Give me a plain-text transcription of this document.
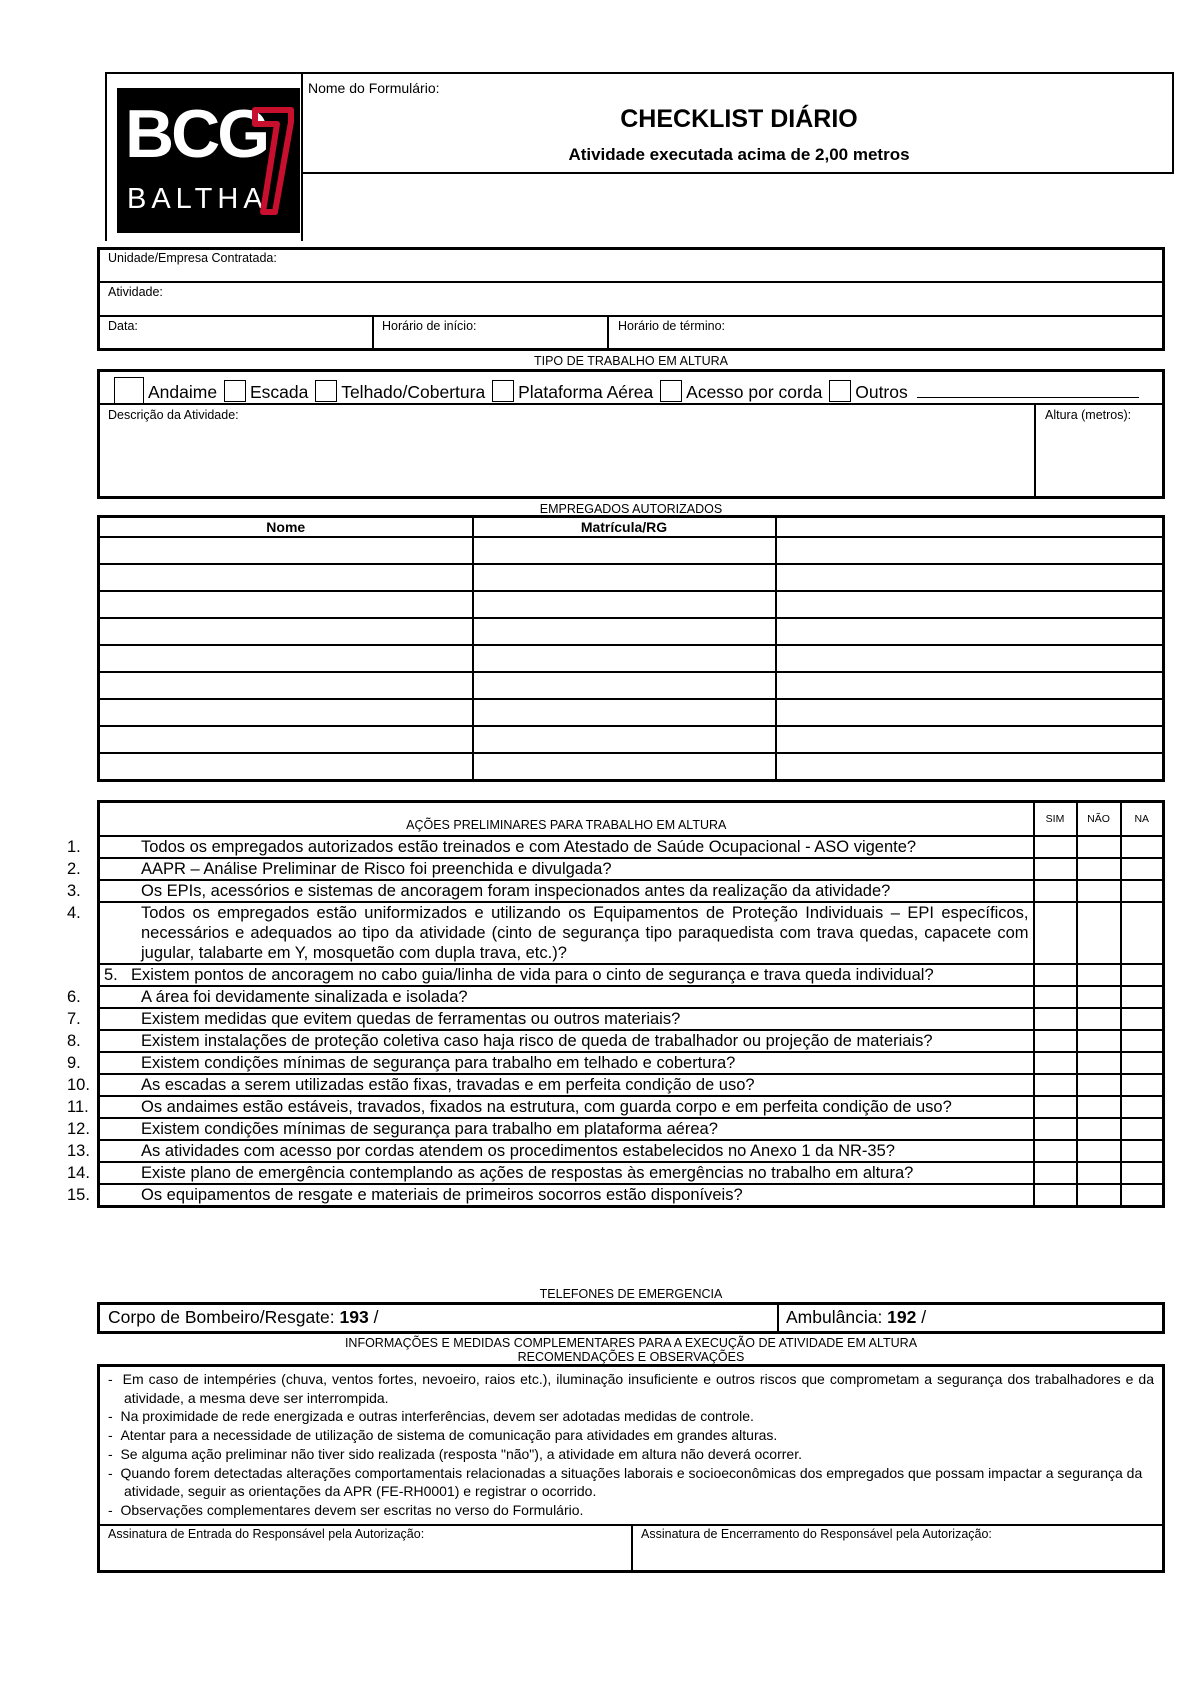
BCG
BALTHA
Nome do Formulário:
CHECKLIST DIÁRIO
Atividade executada acima de 2,00 metros
Unidade/Empresa Contratada:
Atividade:
Data:	Horário de início:	Horário de término:
TIPO DE TRABALHO EM ALTURA
Andaime Escada Telhado/Cobertura Plataforma Aérea Acesso por corda Outros
Descrição da Atividade:	Altura (metros):
EMPREGADOS AUTORIZADOS
Nome	Matrícula/RG	

AÇÕES PRELIMINARES PARA TRABALHO EM ALTURA	SIM	NÃO	NA
1. Todos os empregados autorizados estão treinados e com Atestado de Saúde Ocupacional - ASO vigente?			
2. AAPR – Análise Preliminar de Risco foi preenchida e divulgada?			
3. Os EPIs, acessórios e sistemas de ancoragem foram inspecionados antes da realização da atividade?			
4. Todos os empregados estão uniformizados e utilizando os Equipamentos de Proteção Individuais – EPI específicos, necessários e adequados ao tipo da atividade (cinto de segurança tipo paraquedista com trava quedas, capacete com jugular, talabarte em Y, mosquetão com dupla trava, etc.)?			
5. Existem pontos de ancoragem no cabo guia/linha de vida para o cinto de segurança e trava queda individual?			
6. A área foi devidamente sinalizada e isolada?			
7. Existem medidas que evitem quedas de ferramentas ou outros materiais?			
8. Existem instalações de proteção coletiva caso haja risco de queda de trabalhador ou projeção de materiais?			
9. Existem condições mínimas de segurança para trabalho em telhado e cobertura?			
10. As escadas a serem utilizadas estão fixas, travadas e em perfeita condição de uso?			
11. Os andaimes estão estáveis, travados, fixados na estrutura, com guarda corpo e em perfeita condição de uso?			
12. Existem condições mínimas de segurança para trabalho em plataforma aérea?			
13. As atividades com acesso por cordas atendem os procedimentos estabelecidos no Anexo 1 da NR-35?			
14. Existe plano de emergência contemplando as ações de respostas às emergências no trabalho em altura?			
15. Os equipamentos de resgate e materiais de primeiros socorros estão disponíveis?			
TELEFONES DE EMERGENCIA
Corpo de Bombeiro/Resgate: 193 /	Ambulância: 192 /
INFORMAÇÕES E MEDIDAS COMPLEMENTARES PARA A EXECUÇÃO DE ATIVIDADE EM ALTURA
RECOMENDAÇÕES E OBSERVAÇÕES
-  Em caso de intempéries (chuva, ventos fortes, nevoeiro, raios etc.), iluminação insuficiente e outros riscos que comprometam a segurança dos trabalhadores e da atividade, a mesma deve ser interrompida.
-  Na proximidade de rede energizada e outras interferências, devem ser adotadas medidas de controle.
-  Atentar para a necessidade de utilização de sistema de comunicação para atividades em grandes alturas.
-  Se alguma ação preliminar não tiver sido realizada (resposta "não"), a atividade em altura não deverá ocorrer.
-  Quando forem detectadas alterações comportamentais relacionadas a situações laborais e socioeconômicas dos empregados que possam impactar a segurança da atividade, seguir as orientações da APR (FE-RH0001) e registrar o ocorrido.
-  Observações complementares devem ser escritas no verso do Formulário.
Assinatura de Entrada do Responsável pela Autorização:	Assinatura de Encerramento do Responsável pela Autorização:
